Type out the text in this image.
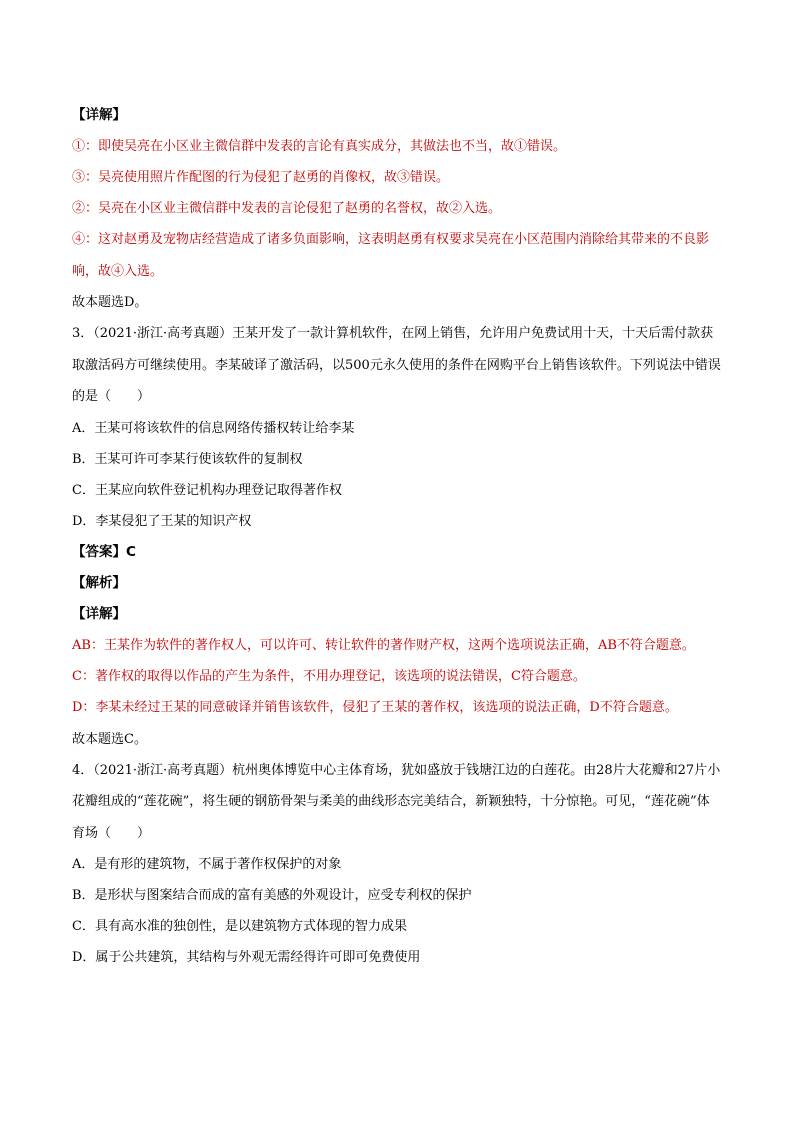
【详解】
①：即使吴亮在小区业主微信群中发表的言论有真实成分，其做法也不当，故①错误。
③：吴亮使用照片作配图的行为侵犯了赵勇的肖像权，故③错误。
②：吴亮在小区业主微信群中发表的言论侵犯了赵勇的名誉权，故②入选。
④：这对赵勇及宠物店经营造成了诸多负面影响，这表明赵勇有权要求吴亮在小区范围内消除给其带来的不良影响，故④入选。
故本题选D。
3．（2021·浙江·高考真题）王某开发了一款计算机软件，在网上销售，允许用户免费试用十天，十天后需付款获取激活码方可继续使用。李某破译了激活码，以500元永久使用的条件在网购平台上销售该软件。下列说法中错误的是（　　）
A．王某可将该软件的信息网络传播权转让给李某
B．王某可许可李某行使该软件的复制权
C．王某应向软件登记机构办理登记取得著作权
D．李某侵犯了王某的知识产权
【答案】C
【解析】
【详解】
AB：王某作为软件的著作权人，可以许可、转让软件的著作财产权，这两个选项说法正确，AB不符合题意。
C：著作权的取得以作品的产生为条件，不用办理登记，该选项的说法错误，C符合题意。
D：李某未经过王某的同意破译并销售该软件，侵犯了王某的著作权，该选项的说法正确，D不符合题意。
故本题选C。
4．（2021·浙江·高考真题）杭州奥体博览中心主体育场，犹如盛放于钱塘江边的白莲花。由28片大花瓣和27片小花瓣组成的“莲花碗”，将生硬的钢筋骨架与柔美的曲线形态完美结合，新颖独特，十分惊艳。可见，“莲花碗”体育场（　　）
A．是有形的建筑物，不属于著作权保护的对象
B．是形状与图案结合而成的富有美感的外观设计，应受专利权的保护
C．具有高水准的独创性，是以建筑物方式体现的智力成果
D．属于公共建筑，其结构与外观无需经得许可即可免费使用
